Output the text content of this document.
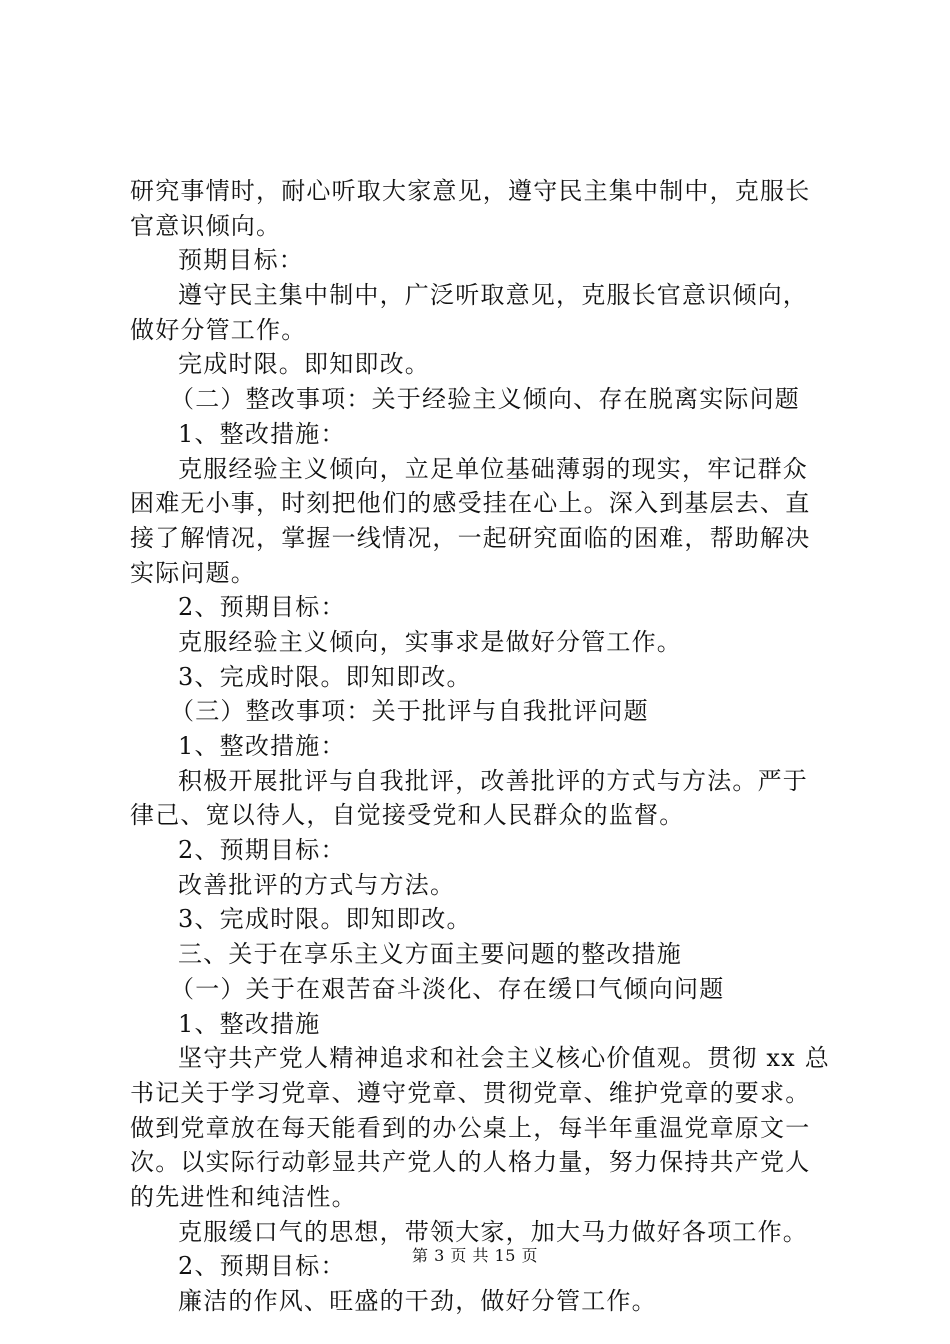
研究事情时，耐心听取大家意见，遵守民主集中制中，克服长
官意识倾向。
预期目标：
遵守民主集中制中，广泛听取意见，克服长官意识倾向，
做好分管工作。
完成时限。即知即改。
（二）整改事项：关于经验主义倾向、存在脱离实际问题
1、整改措施：
克服经验主义倾向，立足单位基础薄弱的现实，牢记群众
困难无小事，时刻把他们的感受挂在心上。深入到基层去、直
接了解情况，掌握一线情况，一起研究面临的困难，帮助解决
实际问题。
2、预期目标：
克服经验主义倾向，实事求是做好分管工作。
3、完成时限。即知即改。
（三）整改事项：关于批评与自我批评问题
1、整改措施：
积极开展批评与自我批评，改善批评的方式与方法。严于
律己、宽以待人，自觉接受党和人民群众的监督。
2、预期目标：
改善批评的方式与方法。
3、完成时限。即知即改。
三、关于在享乐主义方面主要问题的整改措施
（一）关于在艰苦奋斗淡化、存在缓口气倾向问题
1、整改措施
坚守共产党人精神追求和社会主义核心价值观。贯彻 xx 总
书记关于学习党章、遵守党章、贯彻党章、维护党章的要求。
做到党章放在每天能看到的办公桌上，每半年重温党章原文一
次。以实际行动彰显共产党人的人格力量，努力保持共产党人
的先进性和纯洁性。
克服缓口气的思想，带领大家，加大马力做好各项工作。
2、预期目标：
廉洁的作风、旺盛的干劲，做好分管工作。
第 3 页 共 15 页
